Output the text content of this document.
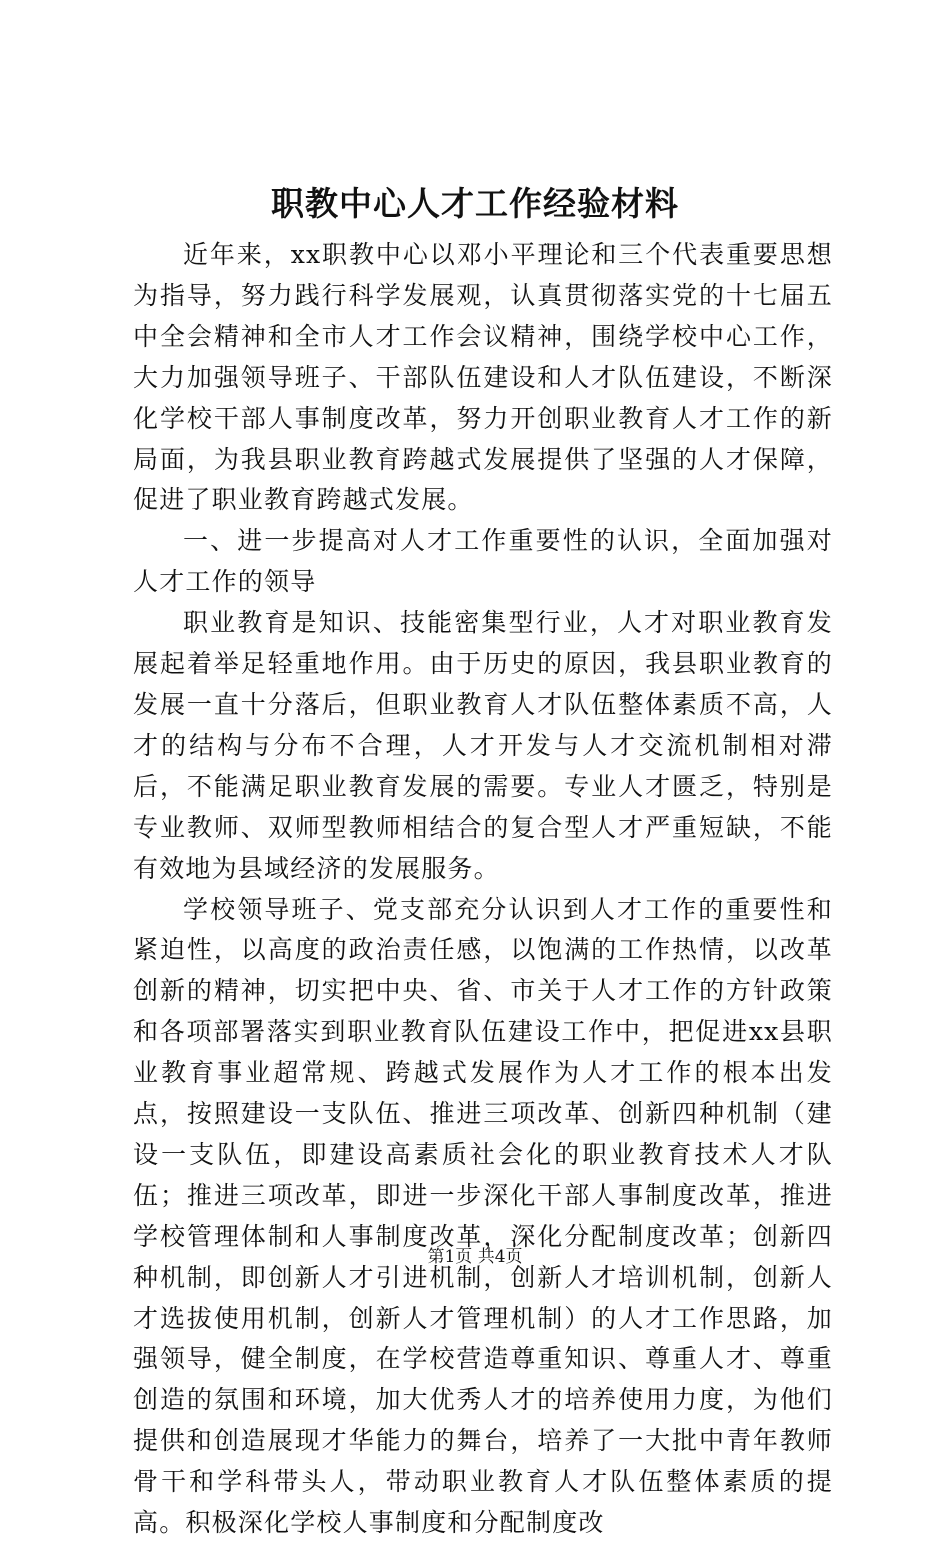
职教中心人才工作经验材料

近年来，xx职教中心以邓小平理论和三个代表重要思想为指导，努力践行科学发展观，认真贯彻落实党的十七届五中全会精神和全市人才工作会议精神，围绕学校中心工作，大力加强领导班子、干部队伍建设和人才队伍建设，不断深化学校干部人事制度改革，努力开创职业教育人才工作的新局面，为我县职业教育跨越式发展提供了坚强的人才保障，促进了职业教育跨越式发展。

一、进一步提高对人才工作重要性的认识，全面加强对人才工作的领导

职业教育是知识、技能密集型行业，人才对职业教育发展起着举足轻重地作用。由于历史的原因，我县职业教育的发展一直十分落后，但职业教育人才队伍整体素质不高，人才的结构与分布不合理，人才开发与人才交流机制相对滞后，不能满足职业教育发展的需要。专业人才匮乏，特别是专业教师、双师型教师相结合的复合型人才严重短缺，不能有效地为县域经济的发展服务。

学校领导班子、党支部充分认识到人才工作的重要性和紧迫性，以高度的政治责任感，以饱满的工作热情，以改革创新的精神，切实把中央、省、市关于人才工作的方针政策和各项部署落实到职业教育队伍建设工作中，把促进xx县职业教育事业超常规、跨越式发展作为人才工作的根本出发点，按照建设一支队伍、推进三项改革、创新四种机制（建设一支队伍，即建设高素质社会化的职业教育技术人才队伍；推进三项改革，即进一步深化干部人事制度改革，推进学校管理体制和人事制度改革，深化分配制度改革；创新四种机制，即创新人才引进机制，创新人才培训机制，创新人才选拔使用机制，创新人才管理机制）的人才工作思路，加强领导，健全制度，在学校营造尊重知识、尊重人才、尊重创造的氛围和环境，加大优秀人才的培养使用力度，为他们提供和创造展现才华能力的舞台，培养了一大批中青年教师骨干和学科带头人，带动职业教育人才队伍整体素质的提高。积极深化学校人事制度和分配制度改

第1页 共4页
